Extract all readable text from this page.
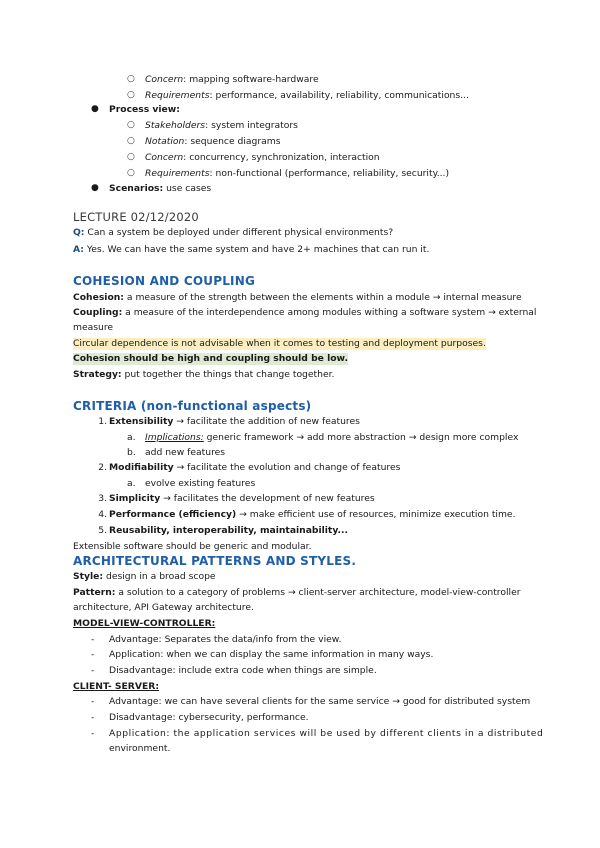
○ Concern: mapping software-hardware
○ Requirements: performance, availability, reliability, communications...
● Process view:
○ Stakeholders: system integrators
○ Notation: sequence diagrams
○ Concern: concurrency, synchronization, interaction
○ Requirements: non-functional (performance, reliability, security...)
● Scenarios: use cases
LECTURE 02/12/2020
Q: Can a system be deployed under different physical environments?
A: Yes. We can have the same system and have 2+ machines that can run it.
COHESION AND COUPLING
Cohesion: a measure of the strength between the elements within a module → internal measure
Coupling: a measure of the interdependence among modules withing a software system → external
measure
Circular dependence is not advisable when it comes to testing and deployment purposes.
Cohesion should be high and coupling should be low.
Strategy: put together the things that change together.
CRITERIA (non-functional aspects)
1. Extensibility → facilitate the addition of new features
a. Implications: generic framework → add more abstraction → design more complex
b. add new features
2. Modifiability → facilitate the evolution and change of features
a. evolve existing features
3. Simplicity → facilitates the development of new features
4. Performance (efficiency) → make efficient use of resources, minimize execution time.
5. Reusability, interoperability, maintainability...
Extensible software should be generic and modular.
ARCHITECTURAL PATTERNS AND STYLES.
Style: design in a broad scope
Pattern: a solution to a category of problems → client-server architecture, model-view-controller
architecture, API Gateway architecture.
MODEL-VIEW-CONTROLLER:
- Advantage: Separates the data/info from the view.
- Application: when we can display the same information in many ways.
- Disadvantage: include extra code when things are simple.
CLIENT- SERVER:
- Advantage: we can have several clients for the same service → good for distributed system
- Disadvantage: cybersecurity, performance.
- Application: the application services will be used by different clients in a distributed
environment.
